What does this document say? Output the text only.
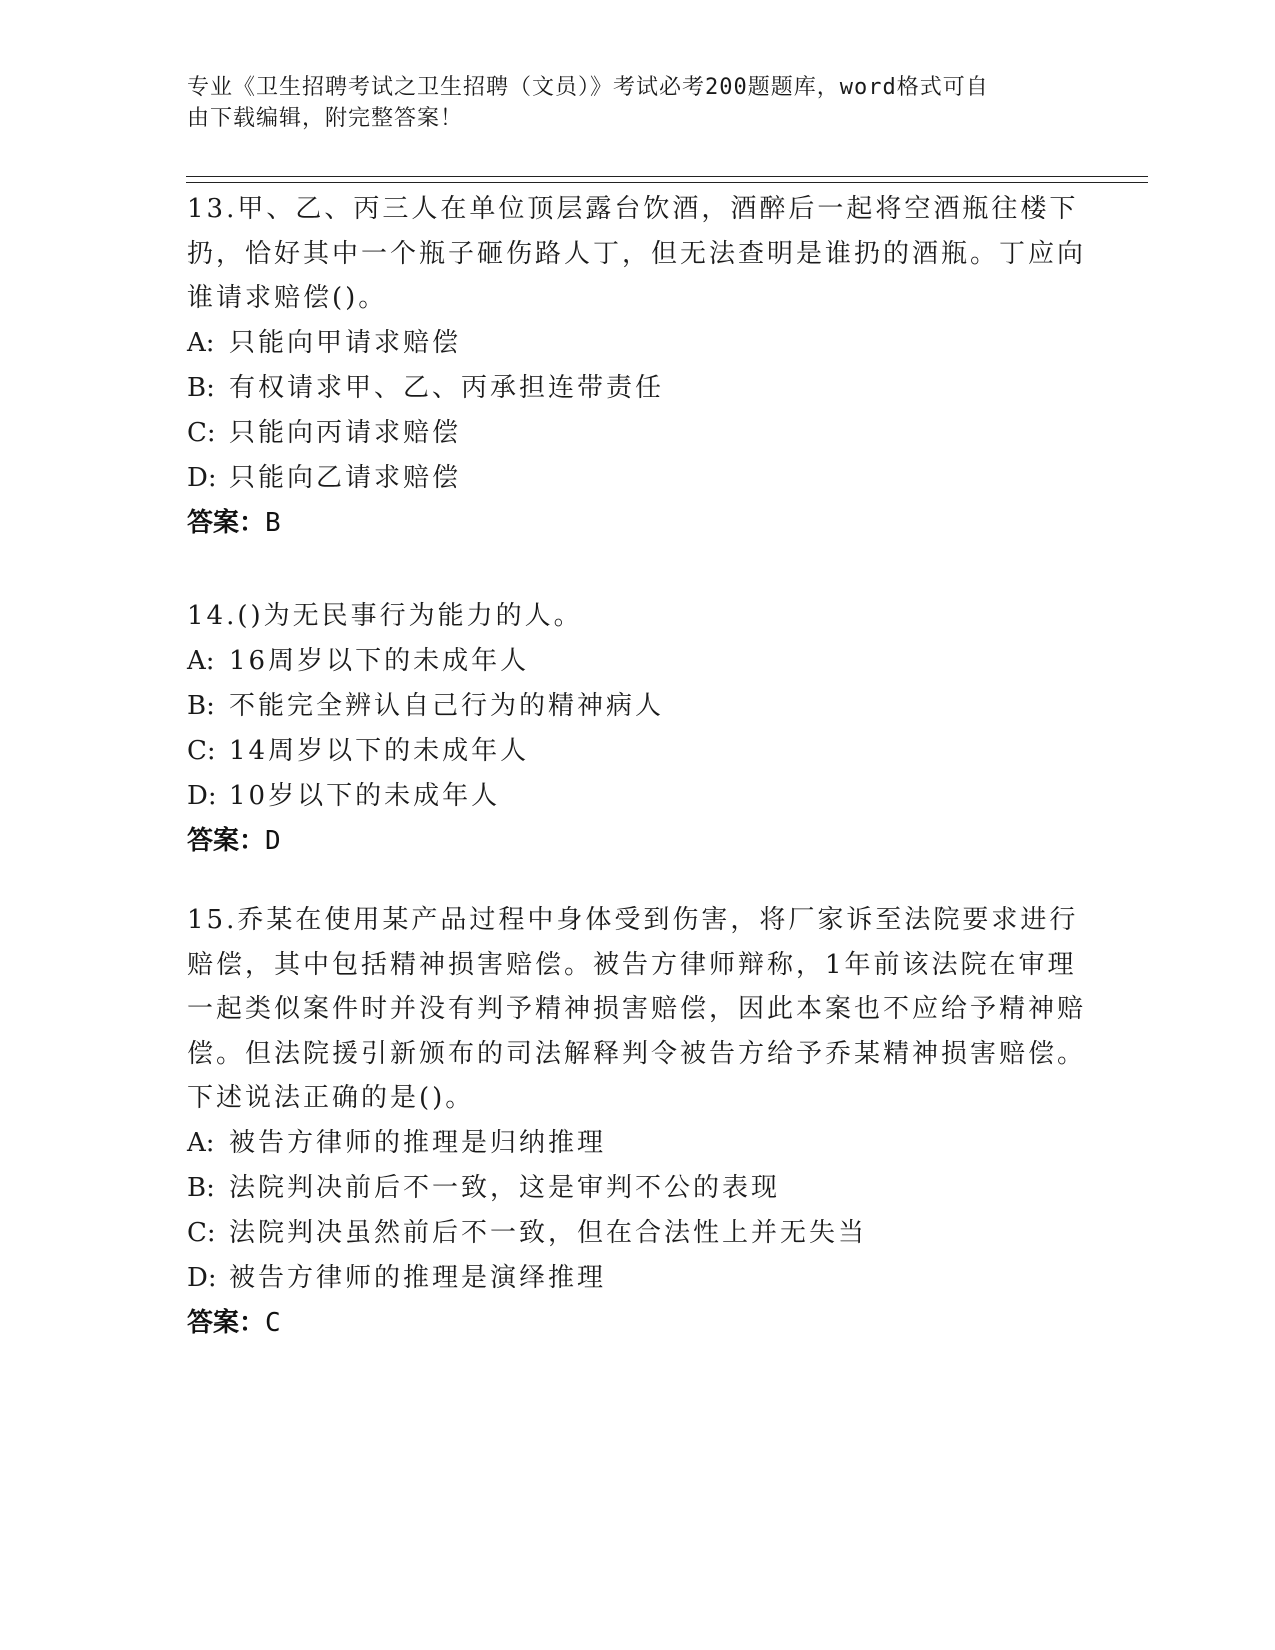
专业《卫生招聘考试之卫生招聘（文员）》考试必考200题题库，word格式可自
由下载编辑，附完整答案！

13.甲、乙、丙三人在单位顶层露台饮酒，酒醉后一起将空酒瓶往楼下扔，恰好其中一个瓶子砸伤路人丁，但无法查明是谁扔的酒瓶。丁应向谁请求赔偿()。

A: 只能向甲请求赔偿
B: 有权请求甲、乙、丙承担连带责任
C: 只能向丙请求赔偿
D: 只能向乙请求赔偿
答案：B

14.()为无民事行为能力的人。

A: 16周岁以下的未成年人
B: 不能完全辨认自己行为的精神病人
C: 14周岁以下的未成年人
D: 10岁以下的未成年人
答案：D

15.乔某在使用某产品过程中身体受到伤害，将厂家诉至法院要求进行赔偿，其中包括精神损害赔偿。被告方律师辩称，1年前该法院在审理一起类似案件时并没有判予精神损害赔偿，因此本案也不应给予精神赔偿。但法院援引新颁布的司法解释判令被告方给予乔某精神损害赔偿。下述说法正确的是()。

A: 被告方律师的推理是归纳推理
B: 法院判决前后不一致，这是审判不公的表现
C: 法院判决虽然前后不一致，但在合法性上并无失当
D: 被告方律师的推理是演绎推理
答案：C
